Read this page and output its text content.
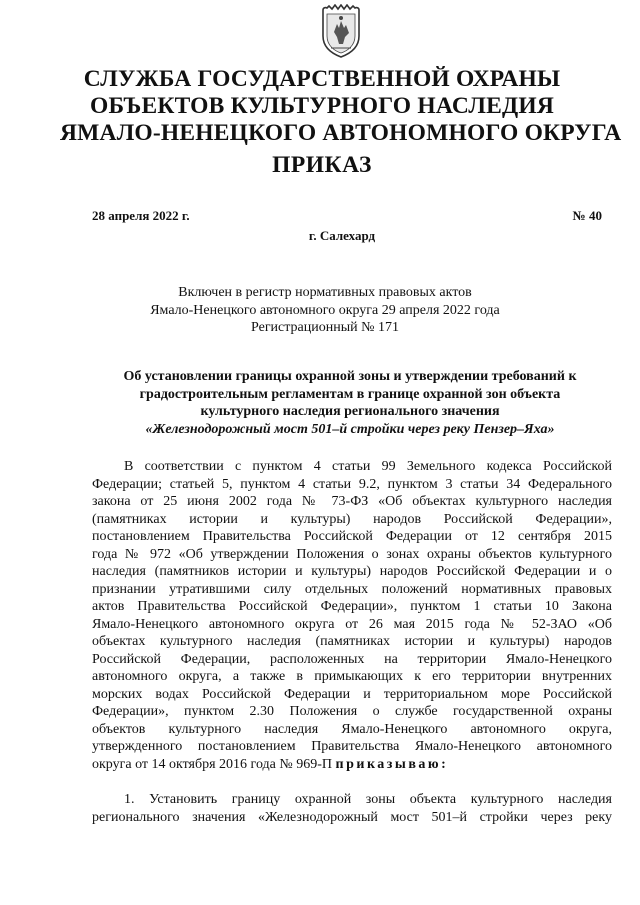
СЛУЖБА ГОСУДАРСТВЕННОЙ ОХРАНЫ
ОБЪЕКТОВ КУЛЬТУРНОГО НАСЛЕДИЯ
ЯМАЛО-НЕНЕЦКОГО АВТОНОМНОГО ОКРУГА
ПРИКАЗ
28 апреля 2022 г.	№ 40
г. Салехард
Включен в регистр нормативных правовых актов
Ямало-Ненецкого автономного округа 29 апреля 2022 года
Регистрационный № 171
Об установлении границы охранной зоны и утверждении требований к
градостроительным регламентам в границе охранной зон объекта
культурного наследия регионального значения
«Железнодорожный мост 501–й стройки через реку Пензер–Яха»
В соответствии с пунктом 4 статьи 99 Земельного кодекса Российской
Федерации; статьей 5, пунктом 4 статьи 9.2, пунктом 3 статьи 34 Федерального
закона от 25 июня 2002 года № 73-ФЗ «Об объектах культурного наследия
(памятниках истории и культуры) народов Российской Федерации»,
постановлением Правительства Российской Федерации от 12 сентября 2015
года № 972 «Об утверждении Положения о зонах охраны объектов культурного
наследия (памятников истории и культуры) народов Российской Федерации и о
признании утратившими силу отдельных положений нормативных правовых
актов Правительства Российской Федерации», пунктом 1 статьи 10 Закона
Ямало-Ненецкого автономного округа от 26 мая 2015 года № 52-ЗАО «Об
объектах культурного наследия (памятниках истории и культуры) народов
Российской Федерации, расположенных на территории Ямало-Ненецкого
автономного округа, а также в примыкающих к его территории внутренних
морских водах Российской Федерации и территориальном море Российской
Федерации», пунктом 2.30 Положения о службе государственной охраны
объектов культурного наследия Ямало-Ненецкого автономного округа,
утвержденного постановлением Правительства Ямало-Ненецкого автономного
округа от 14 октября 2016 года № 969-П приказываю:
1. Установить границу охранной зоны объекта культурного наследия
регионального значения «Железнодорожный мост 501–й стройки через реку
